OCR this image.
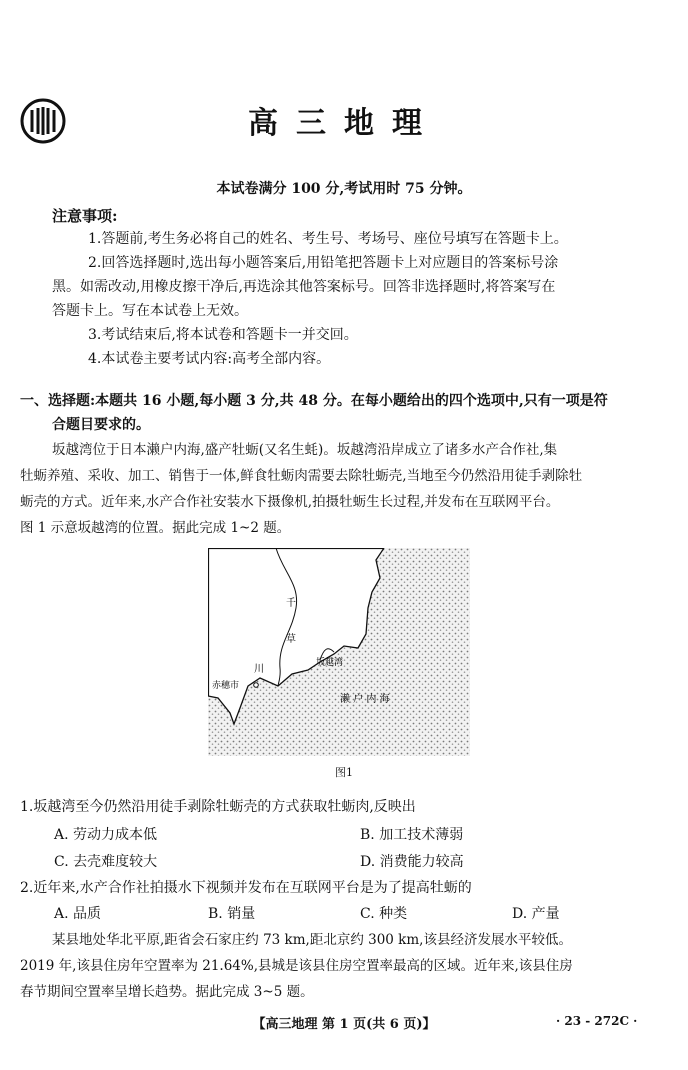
高三地理
本试卷满分 100 分,考试用时 75 分钟。
注意事项:
1.答题前,考生务必将自己的姓名、考生号、考场号、座位号填写在答题卡上。
2.回答选择题时,选出每小题答案后,用铅笔把答题卡上对应题目的答案标号涂
黑。如需改动,用橡皮擦干净后,再选涂其他答案标号。回答非选择题时,将答案写在
答题卡上。写在本试卷上无效。
3.考试结束后,将本试卷和答题卡一并交回。
4.本试卷主要考试内容:高考全部内容。
一、选择题:本题共 16 小题,每小题 3 分,共 48 分。在每小题给出的四个选项中,只有一项是符
合题目要求的。
坂越湾位于日本濑户内海,盛产牡蛎(又名生蚝)。坂越湾沿岸成立了诸多水产合作社,集
牡蛎养殖、采收、加工、销售于一体,鲜食牡蛎肉需要去除牡蛎壳,当地至今仍然沿用徒手剥除牡
蛎壳的方式。近年来,水产合作社安装水下摄像机,拍摄牡蛎生长过程,并发布在互联网平台。
图 1 示意坂越湾的位置。据此完成 1~2 题。
千
草
川
赤穗市
坂越湾
濑 户 内 海
图1
1.坂越湾至今仍然沿用徒手剥除牡蛎壳的方式获取牡蛎肉,反映出
A. 劳动力成本低	B. 加工技术薄弱
C. 去壳难度较大	D. 消费能力较高
2.近年来,水产合作社拍摄水下视频并发布在互联网平台是为了提高牡蛎的
A. 品质	B. 销量	C. 种类	D. 产量
某县地处华北平原,距省会石家庄约 73 km,距北京约 300 km,该县经济发展水平较低。
2019 年,该县住房年空置率为 21.64%,县城是该县住房空置率最高的区域。近年来,该县住房
春节期间空置率呈增长趋势。据此完成 3~5 题。
【高三地理 第 1 页(共 6 页)】	· 23 - 272C ·
